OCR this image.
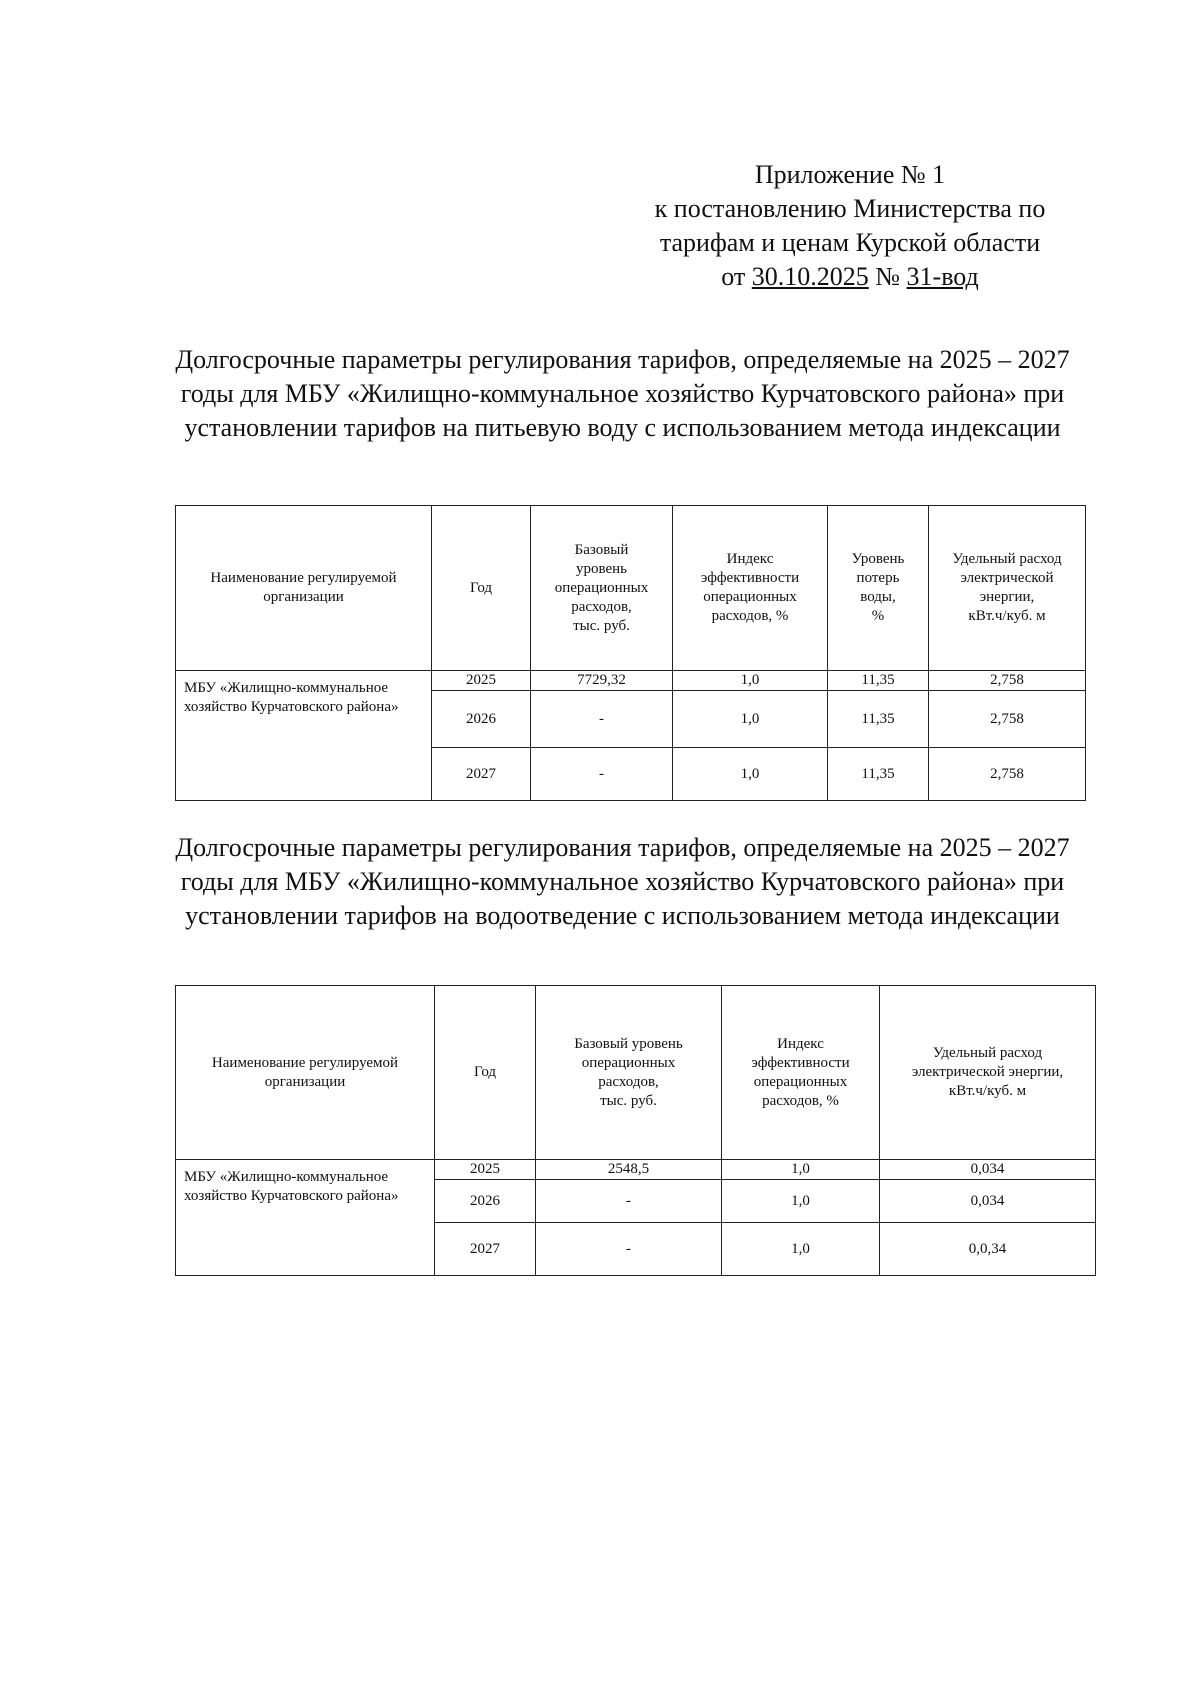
Приложение № 1
к постановлению Министерства по
тарифам и ценам Курской области
от 30.10.2025 № 31-вод
Долгосрочные параметры регулирования тарифов, определяемые на 2025 – 2027 годы для МБУ «Жилищно-коммунальное хозяйство Курчатовского района» при установлении тарифов на питьевую воду с использованием метода индексации
Наименование регулируемой
организации	Год	Базовый
уровень
операционных
расходов,
тыс. руб.	Индекс
эффективности
операционных
расходов, %	Уровень
потерь
воды,
%	Удельный расход
электрической
энергии,
кВт.ч/куб. м
МБУ «Жилищно-коммунальное хозяйство Курчатовского района»	2025	7729,32	1,0	11,35	2,758
	2026	-	1,0	11,35	2,758
	2027	-	1,0	11,35	2,758
Долгосрочные параметры регулирования тарифов, определяемые на 2025 – 2027 годы для МБУ «Жилищно-коммунальное хозяйство Курчатовского района» при установлении тарифов на водоотведение с использованием метода индексации
Наименование регулируемой
организации	Год	Базовый уровень
операционных
расходов,
тыс. руб.	Индекс
эффективности
операционных
расходов, %	Удельный расход
электрической энергии,
кВт.ч/куб. м
МБУ «Жилищно-коммунальное хозяйство Курчатовского района»	2025	2548,5	1,0	0,034
	2026	-	1,0	0,034
	2027	-	1,0	0,0,34
